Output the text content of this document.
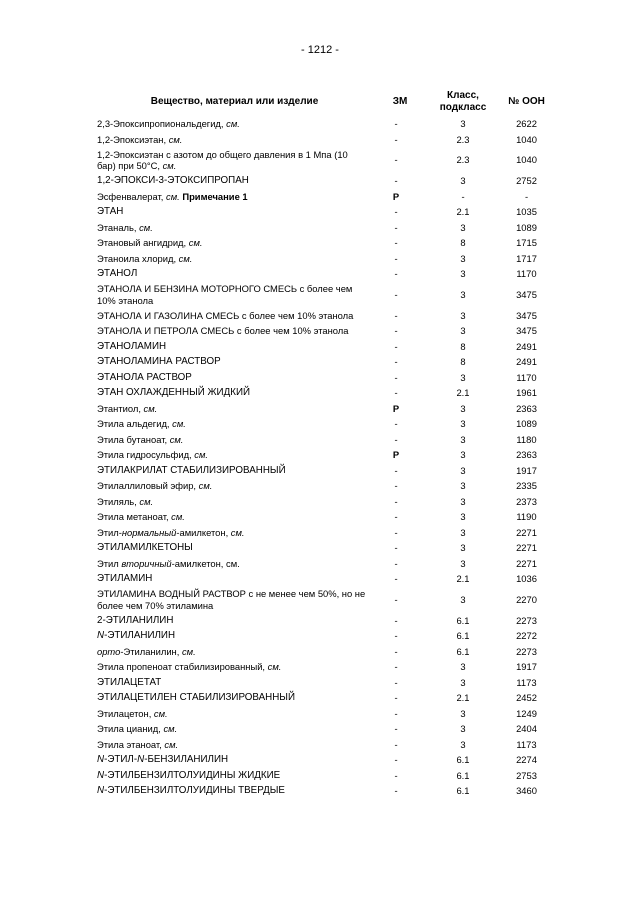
- 1212 -
Вещество, материал или изделие	ЗМ	Класс, подкласс	№ ООН
2,3-Эпоксипропиональдегид, см.	-	3	2622
1,2-Эпоксиэтан, см.	-	2.3	1040
1,2-Эпоксиэтан с азотом до общего давления в 1 Мпа (10 бар) при 50°С, см.	-	2.3	1040
1,2-ЭПОКСИ-3-ЭТОКСИПРОПАН	-	3	2752
Эсфенвалерат, см. Примечание 1	Р	-	-
ЭТАН	-	2.1	1035
Этаналь, см.	-	3	1089
Этановый ангидрид, см.	-	8	1715
Этаноила хлорид, см.	-	3	1717
ЭТАНОЛ	-	3	1170
ЭТАНОЛА И БЕНЗИНА МОТОРНОГО СМЕСЬ с более чем 10% этанола	-	3	3475
ЭТАНОЛА И ГАЗОЛИНА СМЕСЬ с более чем 10% этанола	-	3	3475
ЭТАНОЛА И ПЕТРОЛА СМЕСЬ с более чем 10% этанола	-	3	3475
ЭТАНОЛАМИН	-	8	2491
ЭТАНОЛАМИНА РАСТВОР	-	8	2491
ЭТАНОЛА РАСТВОР	-	3	1170
ЭТАН ОХЛАЖДЕННЫЙ ЖИДКИЙ	-	2.1	1961
Этантиол, см.	Р	3	2363
Этила альдегид, см.	-	3	1089
Этила бутаноат, см.	-	3	1180
Этила гидросульфид, см.	Р	3	2363
ЭТИЛАКРИЛАТ СТАБИЛИЗИРОВАННЫЙ	-	3	1917
Этилаллиловый эфир, см.	-	3	2335
Этиляль, см.	-	3	2373
Этила метаноат, см.	-	3	1190
Этил-нормальный-амилкетон, см.	-	3	2271
ЭТИЛАМИЛКЕТОНЫ	-	3	2271
Этил вторичный-амилкетон, см.	-	3	2271
ЭТИЛАМИН	-	2.1	1036
ЭТИЛАМИНА ВОДНЫЙ РАСТВОР с не менее чем 50%, но не более чем 70% этиламина	-	3	2270
2-ЭТИЛАНИЛИН	-	6.1	2273
N-ЭТИЛАНИЛИН	-	6.1	2272
орто-Этиланилин, см.	-	6.1	2273
Этила пропеноат стабилизированный, см.	-	3	1917
ЭТИЛАЦЕТАТ	-	3	1173
ЭТИЛАЦЕТИЛЕН СТАБИЛИЗИРОВАННЫЙ	-	2.1	2452
Этилацетон, см.	-	3	1249
Этила цианид, см.	-	3	2404
Этила этаноат, см.	-	3	1173
N-ЭТИЛ-N-БЕНЗИЛАНИЛИН	-	6.1	2274
N-ЭТИЛБЕНЗИЛТОЛУИДИНЫ ЖИДКИЕ	-	6.1	2753
N-ЭТИЛБЕНЗИЛТОЛУИДИНЫ ТВЕРДЫЕ	-	6.1	3460
